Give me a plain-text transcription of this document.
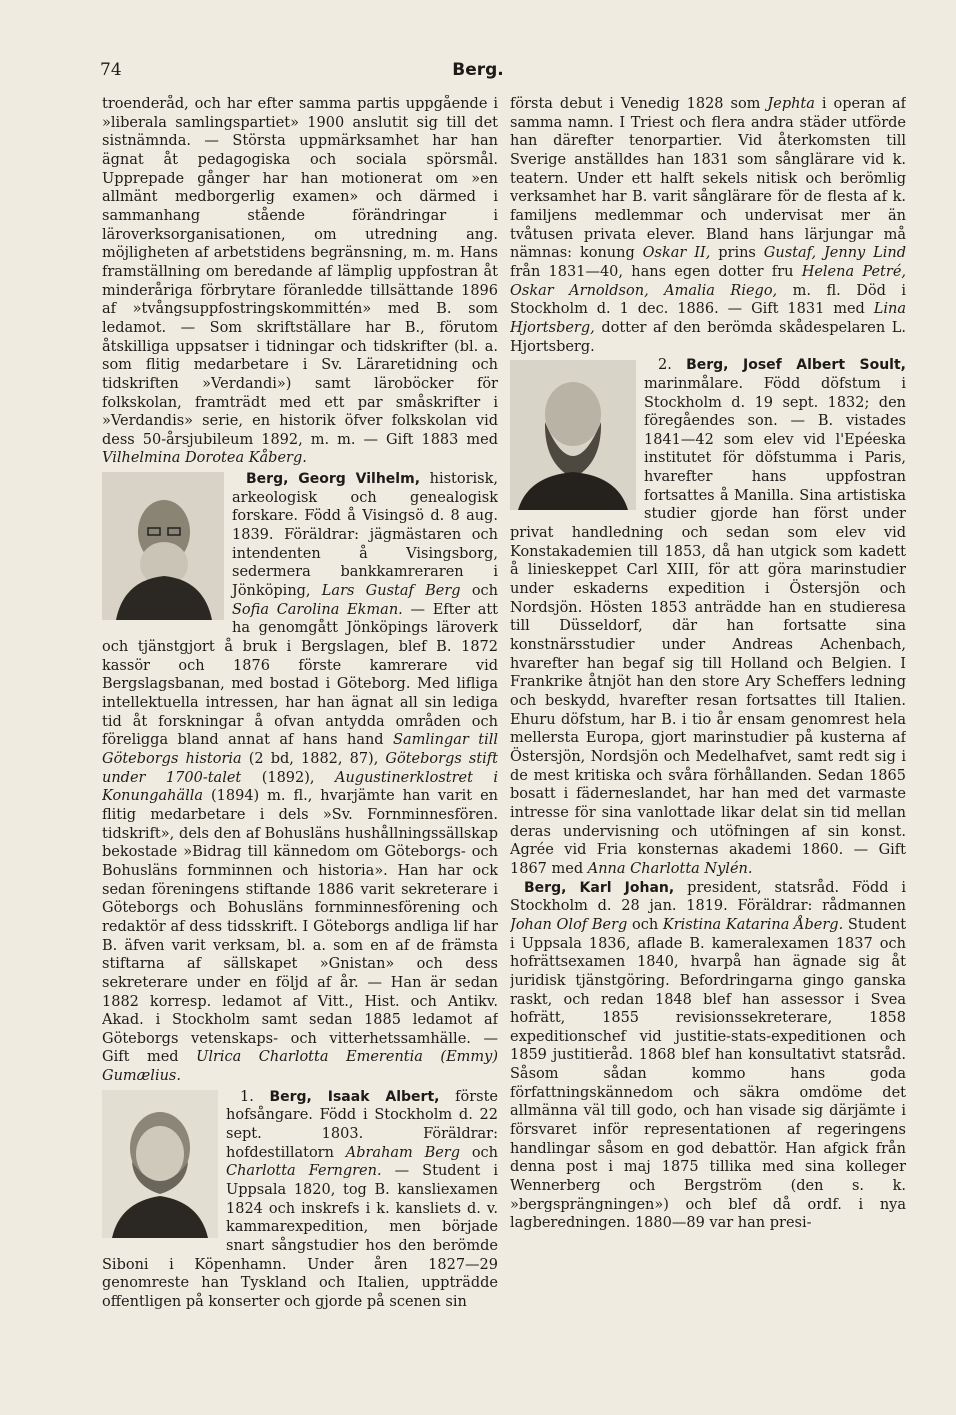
74	Berg.

troenderåd, och har efter samma partis uppgående i »liberala samlingspartiet» 1900 anslutit sig till det sistnämnda. — Största uppmärksamhet har han ägnat åt pedagogiska och sociala spörsmål. Upprepade gånger har han motionerat om »en allmänt medborgerlig examen» och därmed i sammanhang stående förändringar i läroverksorganisationen, om utredning ang. möjligheten af arbetstidens begränsning, m. m. Hans framställning om beredande af lämplig uppfostran åt minderåriga förbrytare föranledde tillsättande 1896 af »tvångsuppfostringskommittén» med B. som ledamot. — Som skriftställare har B., förutom åtskilliga uppsatser i tidningar och tidskrifter (bl. a. som flitig medarbetare i Sv. Läraretidning och tidskriften »Verdandi») samt läroböcker för folkskolan, framträdt med ett par småskrifter i »Verdandis» serie, en historik öfver folkskolan vid dess 50-årsjubileum 1892, m. m. — Gift 1883 med Vilhelmina Dorotea Kåberg.

Berg, Georg Vilhelm, historisk, arkeologisk och genealogisk forskare. Född å Visingsö d. 8 aug. 1839. Föräldrar: jägmästaren och intendenten å Visingsborg, sedermera bankkamreraren i Jönköping, Lars Gustaf Berg och Sofia Carolina Ekman. — Efter att ha genomgått Jönköpings läroverk och tjänstgjort å bruk i Bergslagen, blef B. 1872 kassör och 1876 förste kamrerare vid Bergslagsbanan, med bostad i Göteborg. Med lifliga intellektuella intressen, har han ägnat all sin lediga tid åt forskningar å ofvan antydda områden och föreligga bland annat af hans hand Samlingar till Göteborgs historia (2 bd, 1882, 87), Göteborgs stift under 1700-talet (1892), Augustinerklostret i Konungahälla (1894) m. fl., hvarjämte han varit en flitig medarbetare i dels »Sv. Fornminnesfören. tidskrift», dels den af Bohusläns hushållningssällskap bekostade »Bidrag till kännedom om Göteborgs- och Bohusläns fornminnen och historia». Han har ock sedan föreningens stiftande 1886 varit sekreterare i Göteborgs och Bohusläns fornminnesförening och redaktör af dess tidsskrift. I Göteborgs andliga lif har B. äfven varit verksam, bl. a. som en af de främsta stiftarna af sällskapet »Gnistan» och dess sekreterare under en följd af år. — Han är sedan 1882 korresp. ledamot af Vitt., Hist. och Antikv. Akad. i Stockholm samt sedan 1885 ledamot af Göteborgs vetenskaps- och vitterhetssamhälle. — Gift med Ulrica Charlotta Emerentia (Emmy) Gumælius.

1. Berg, Isaak Albert, förste hofsångare. Född i Stockholm d. 22 sept. 1803. Föräldrar: hofdestillatorn Abraham Berg och Charlotta Ferngren. — Student i Uppsala 1820, tog B. kansliexamen 1824 och inskrefs i k. kansliets d. v. kammarexpedition, men började snart sångstudier hos den berömde Siboni i Köpenhamn. Under åren 1827—29 genomreste han Tyskland och Italien, uppträdde offentligen på konserter och gjorde på scenen sin

första debut i Venedig 1828 som Jephta i operan af samma namn. I Triest och flera andra städer utförde han därefter tenorpartier. Vid återkomsten till Sverige anställdes han 1831 som sånglärare vid k. teatern. Under ett halft sekels nitisk och berömlig verksamhet har B. varit sånglärare för de flesta af k. familjens medlemmar och undervisat mer än tvåtusen privata elever. Bland hans lärjungar må nämnas: konung Oskar II, prins Gustaf, Jenny Lind från 1831—40, hans egen dotter fru Helena Petré, Oskar Arnoldson, Amalia Riego, m. fl. Död i Stockholm d. 1 dec. 1886. — Gift 1831 med Lina Hjortsberg, dotter af den berömda skådespelaren L. Hjortsberg.

2. Berg, Josef Albert Soult,
marinmålare. Född döfstum i Stockholm d. 19 sept. 1832; den föregåendes son. — B. vistades 1841—42 som elev vid l'Epéeska institutet för döfstumma i Paris, hvarefter hans uppfostran fortsattes å Manilla. Sina artistiska studier gjorde han först under privat handledning och sedan som elev vid Konstakademien till 1853, då han utgick som kadett å linieskeppet Carl XIII, för att göra marinstudier under eskaderns expedition i Östersjön och Nordsjön. Hösten 1853 anträdde han en studieresa till Düsseldorf, där han fortsatte sina konstnärsstudier under Andreas Achenbach, hvarefter han begaf sig till Holland och Belgien. I Frankrike åtnjöt han den store Ary Scheffers ledning och beskydd, hvarefter resan fortsattes till Italien. Ehuru döfstum, har B. i tio år ensam genomrest hela mellersta Europa, gjort marinstudier på kusterna af Östersjön, Nordsjön och Medelhafvet, samt redt sig i de mest kritiska och svåra förhållanden. Sedan 1865 bosatt i fäderneslandet, har han med det varmaste intresse för sina vanlottade likar delat sin tid mellan deras undervisning och utöfningen af sin konst. Agrée vid Fria konsternas akademi 1860. — Gift 1867 med Anna Charlotta Nylén.

Berg, Karl Johan, president, statsråd. Född i Stockholm d. 28 jan. 1819. Föräldrar: rådmannen Johan Olof Berg och Kristina Katarina Åberg. Student i Uppsala 1836, aflade B. kameralexamen 1837 och hofrättsexamen 1840, hvarpå han ägnade sig åt juridisk tjänstgöring. Befordringarna gingo ganska raskt, och redan 1848 blef han assessor i Svea hofrätt, 1855 revisionssekreterare, 1858 expeditionschef vid justitie-stats-expeditionen och 1859 justitieråd. 1868 blef han konsultativt statsråd. Såsom sådan kommo hans goda författningskännedom och säkra omdöme det allmänna väl till godo, och han visade sig därjämte i försvaret inför representationen af regeringens handlingar såsom en god debattör. Han afgick från denna post i maj 1875 tillika med sina kolleger Wennerberg och Bergström (den s. k. »bergsprängningen») och blef då ordf. i nya lagberedningen. 1880—89 var han presi-
